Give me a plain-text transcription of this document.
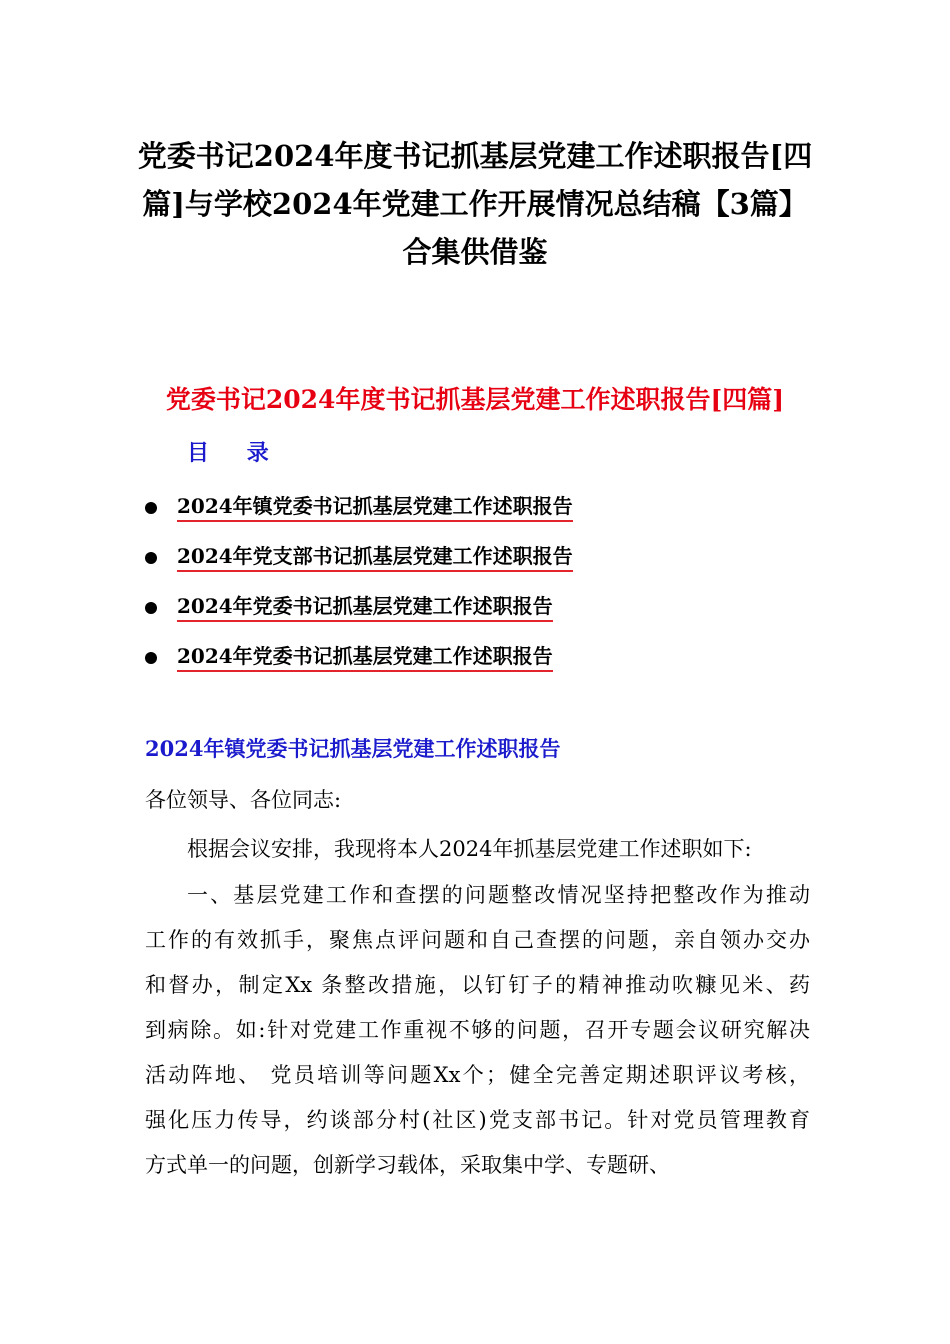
党委书记2024年度书记抓基层党建工作述职报告[四
篇]与学校2024年党建工作开展情况总结稿【3篇】
合集供借鉴
党委书记2024年度书记抓基层党建工作述职报告[四篇]
目 录
2024年镇党委书记抓基层党建工作述职报告
2024年党支部书记抓基层党建工作述职报告
2024年党委书记抓基层党建工作述职报告
2024年党委书记抓基层党建工作述职报告
2024年镇党委书记抓基层党建工作述职报告
各位领导、各位同志:
根据会议安排，我现将本人2024年抓基层党建工作述职如下:
一、基层党建工作和查摆的问题整改情况坚持把整改作为推动
工作的有效抓手，聚焦点评问题和自己查摆的问题，亲自领办交办
和督办，制定Xx 条整改措施，以钉钉子的精神推动吹糠见米、药
到病除。如:针对党建工作重视不够的问题，召开专题会议研究解决
活动阵地、 党员培训等问题Xx个；健全完善定期述职评议考核，
强化压力传导，约谈部分村(社区)党支部书记。针对党员管理教育
方式单一的问题，创新学习载体，采取集中学、专题研、
